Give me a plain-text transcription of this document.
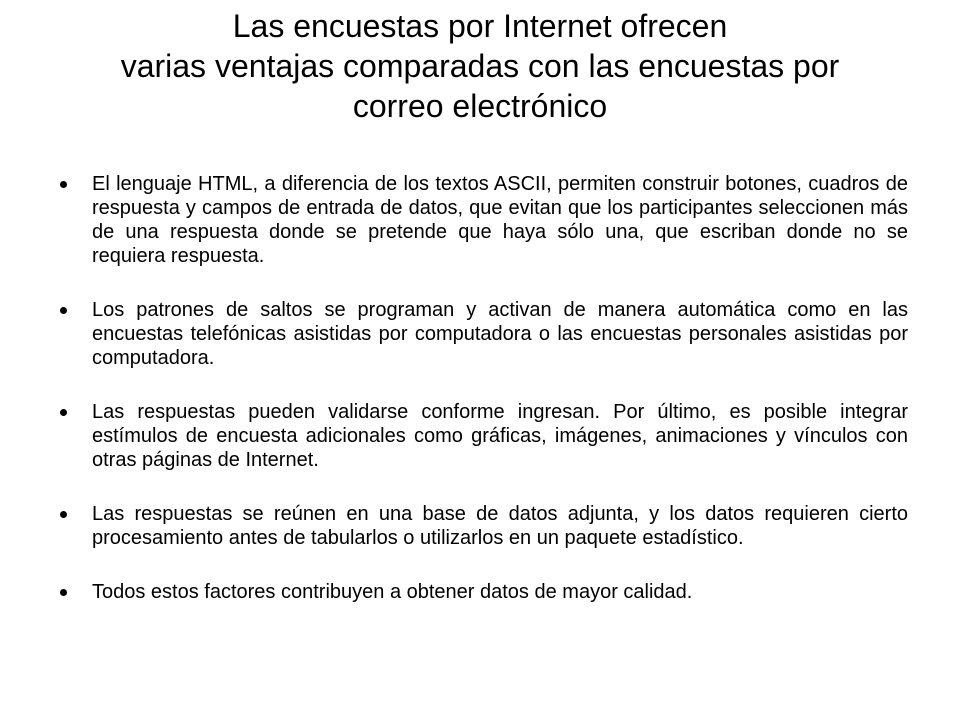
Las encuestas por Internet ofrecen
varias ventajas comparadas con las encuestas por
correo electrónico
El lenguaje HTML, a diferencia de los textos ASCII, permiten construir botones, cuadros de respuesta y campos de entrada de datos, que evitan que los participantes seleccionen más de una respuesta donde se pretende que haya sólo una, que escriban donde no se requiera respuesta.
Los patrones de saltos se programan y activan de manera automática como en las encuestas telefónicas asistidas por computadora o las encuestas personales asistidas por computadora.
Las respuestas pueden validarse conforme ingresan. Por último, es posible integrar estímulos de encuesta adicionales como gráficas, imágenes, animaciones y vínculos con otras páginas de Internet.
Las respuestas se reúnen en una base de datos adjunta, y los datos requieren cierto procesamiento antes de tabularlos o utilizarlos en un paquete estadístico.
Todos estos factores contribuyen a obtener datos de mayor calidad.
